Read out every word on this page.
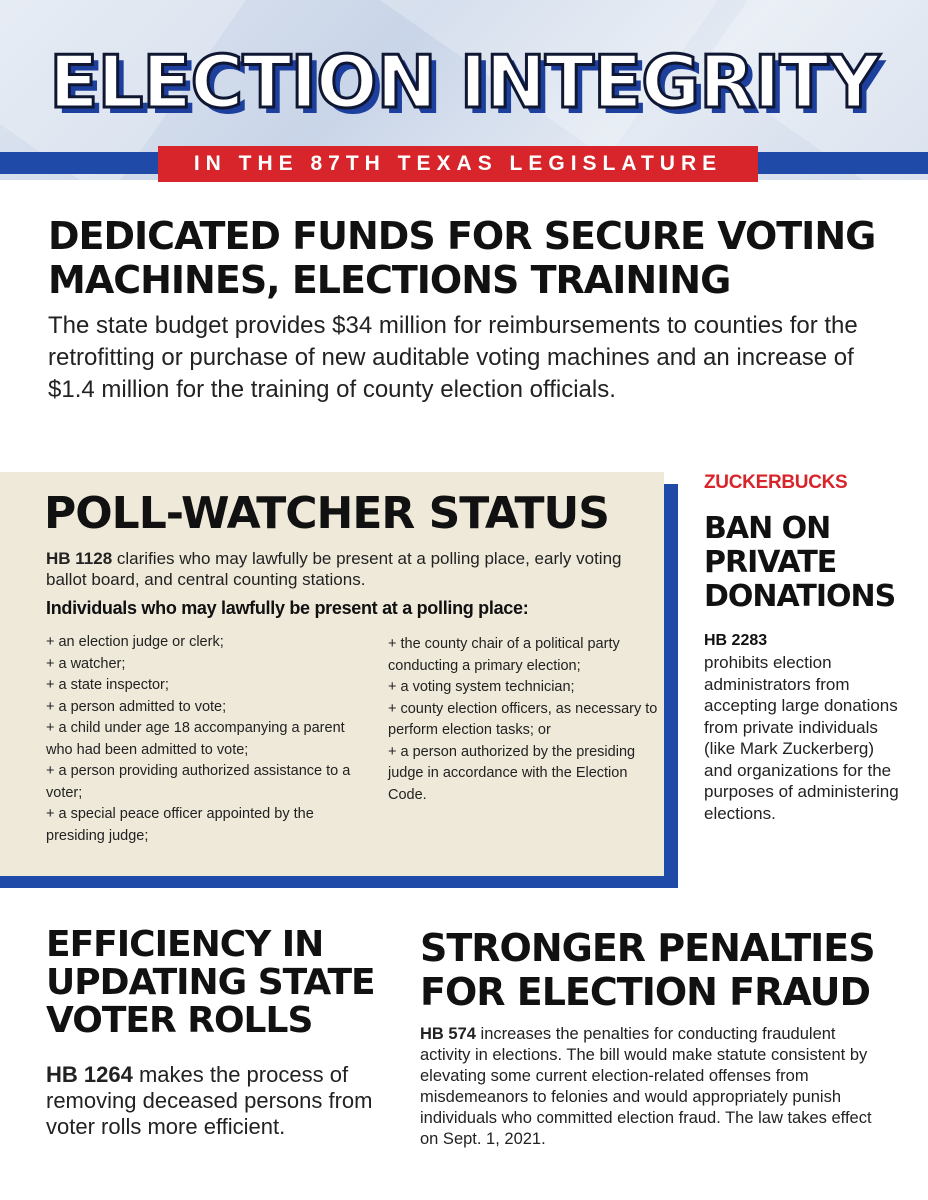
ELECTION INTEGRITY
IN THE 87TH TEXAS LEGISLATURE
DEDICATED FUNDS FOR SECURE VOTING
MACHINES, ELECTIONS TRAINING

The state budget provides $34 million for reimbursements to counties for the retrofitting or purchase of new auditable voting machines and an increase of $1.4 million for the training of county election officials.

POLL-WATCHER STATUS

HB 1128 clarifies who may lawfully be present at a polling place, early voting ballot board, and central counting stations.

Individuals who may lawfully be present at a polling place:
+ an election judge or clerk;
+ a watcher;
+ a state inspector;
+ a person admitted to vote;
+ a child under age 18 accompanying a parent who had been admitted to vote;
+ a person providing authorized assistance to a voter;
+ a special peace officer appointed by the presiding judge;
+ the county chair of a political party conducting a primary election;
+ a voting system technician;
+ county election officers, as necessary to perform election tasks; or
+ a person authorized by the presiding judge in accordance with the Election Code.
ZUCKERBUCKS
BAN ON PRIVATE DONATIONS
HB 2283

prohibits election administrators from accepting large donations from private individuals (like Mark Zuckerberg) and organizations for the purposes of administering elections.

EFFICIENCY IN UPDATING STATE VOTER ROLLS

HB 1264 makes the process of removing deceased persons from voter rolls more efficient.

STRONGER PENALTIES
FOR ELECTION FRAUD

HB 574 increases the penalties for conducting fraudulent activity in elections. The bill would make statute consistent by elevating some current election-related offenses from misdemeanors to felonies and would appropriately punish individuals who committed election fraud. The law takes effect on Sept. 1, 2021.
